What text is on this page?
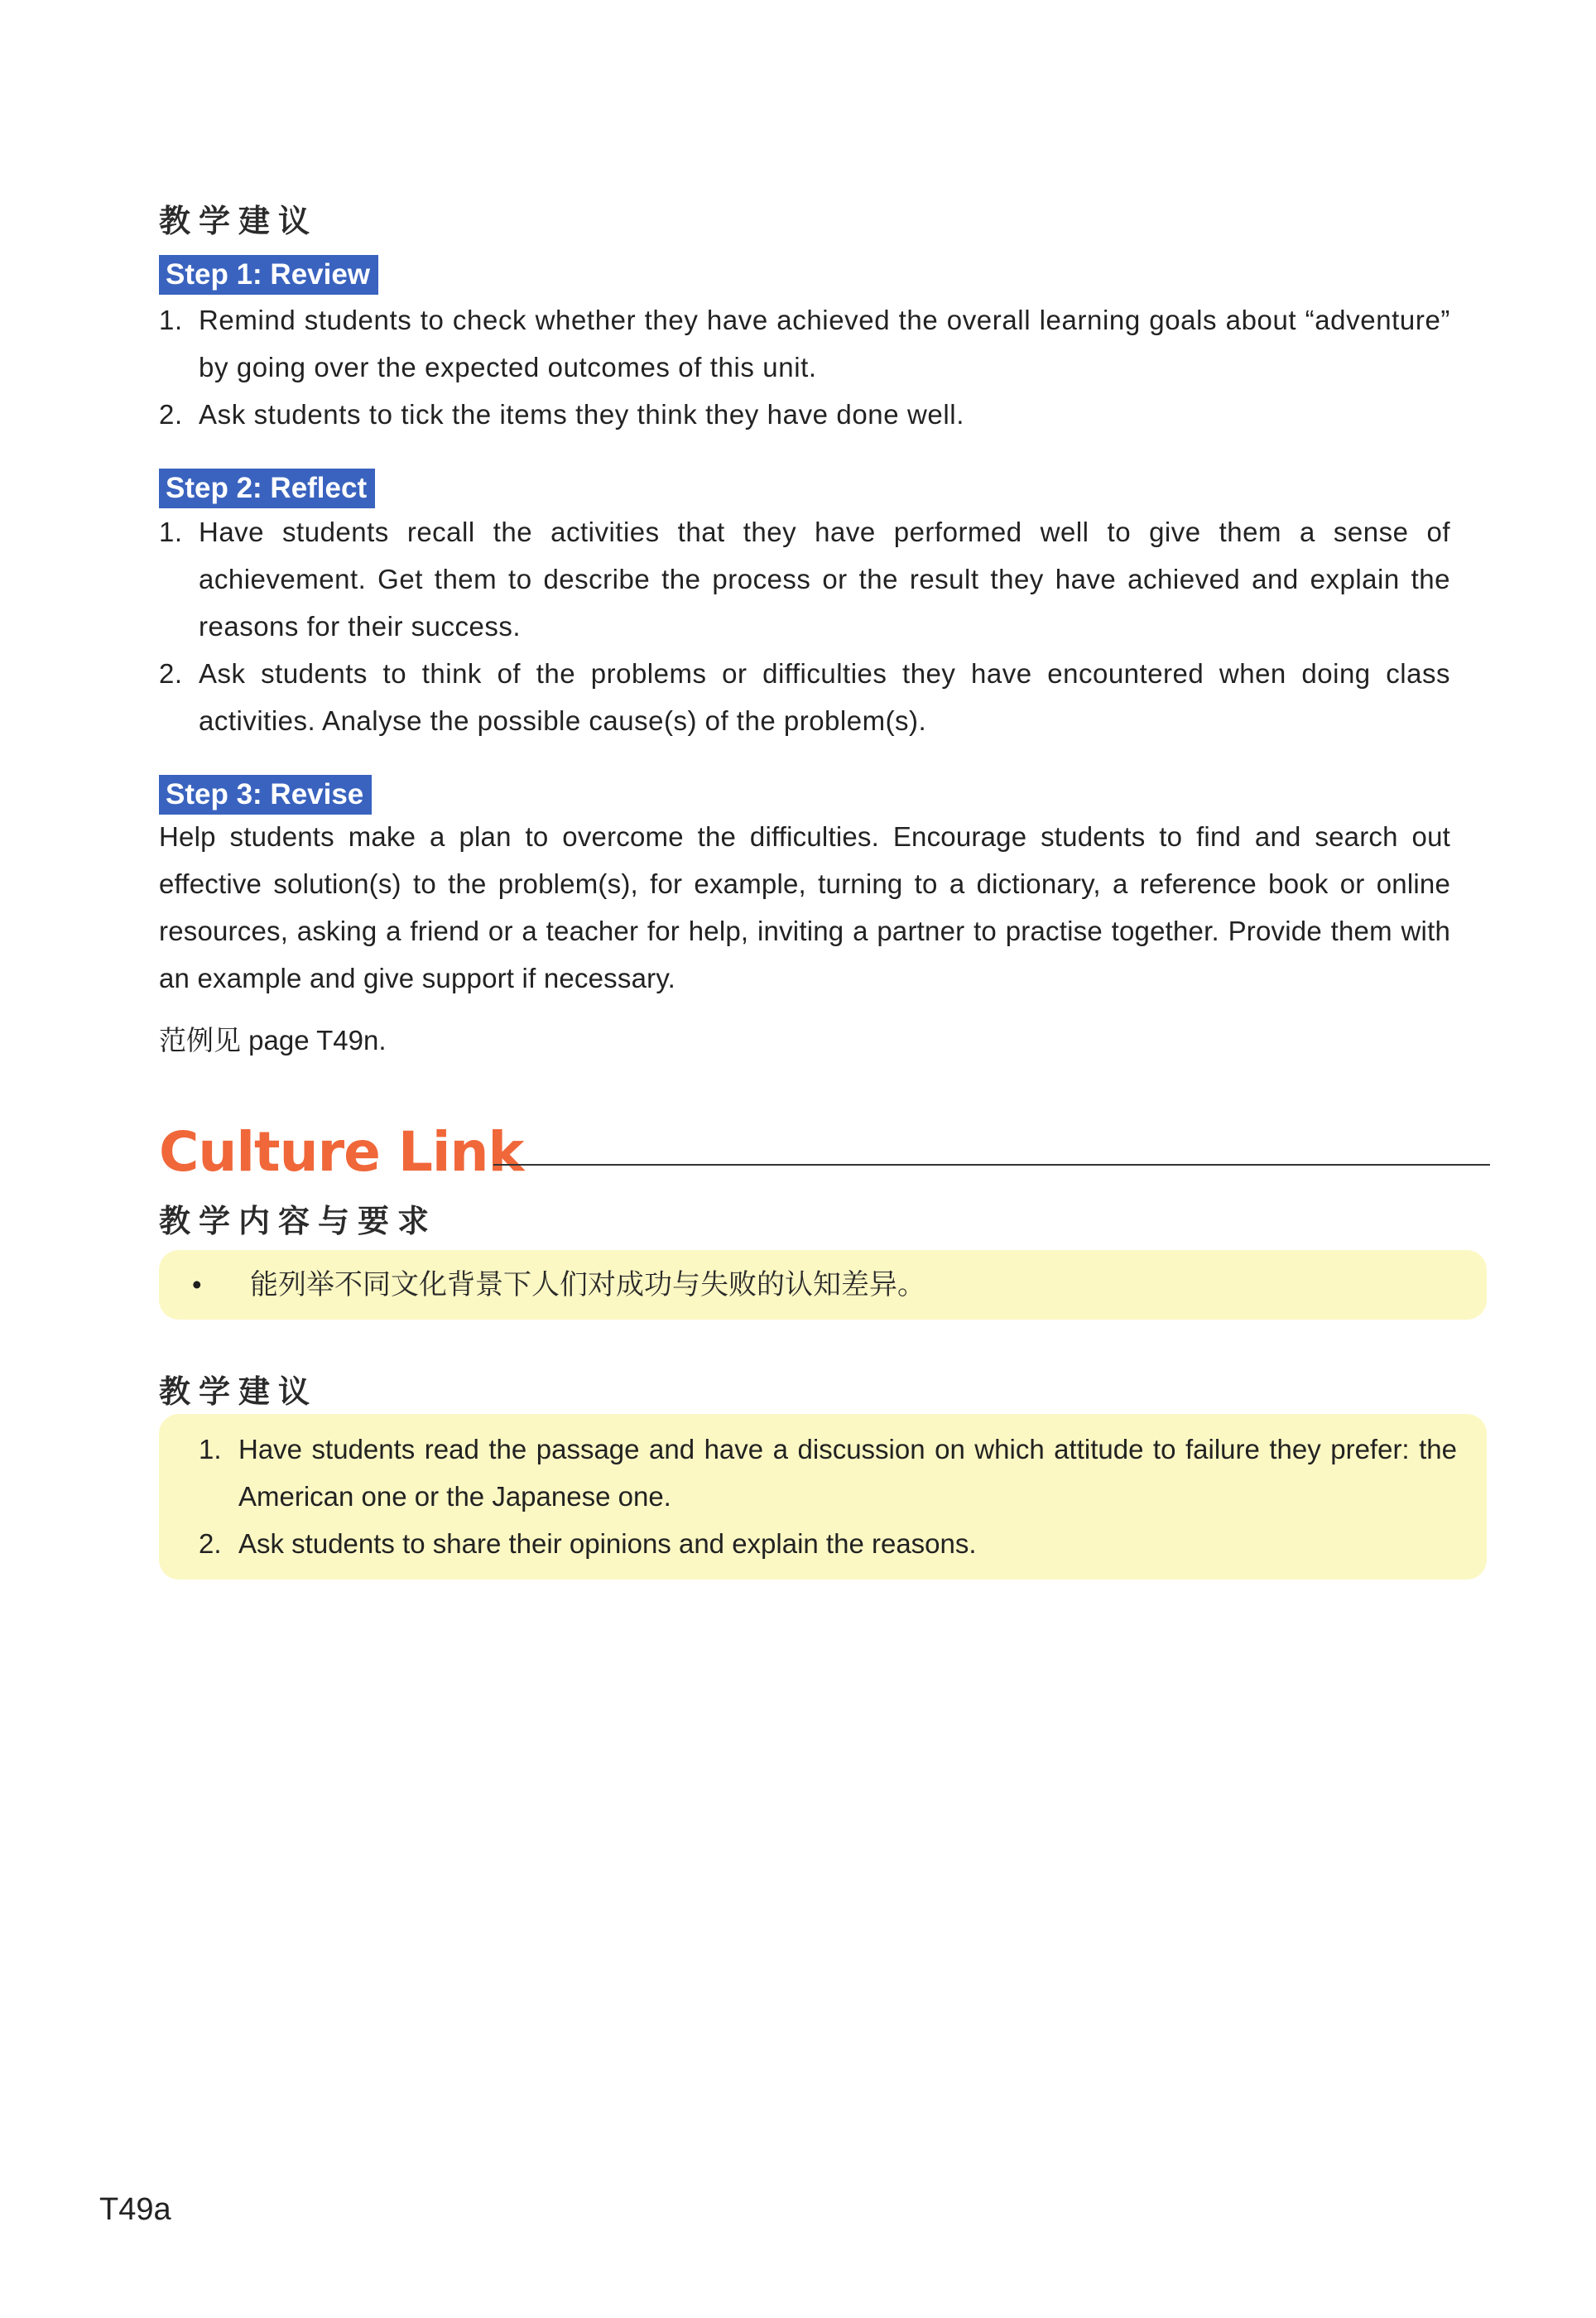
教学建议
Step 1: Review
1. Remind students to check whether they have achieved the overall learning goals about “adventure” by going over the expected outcomes of this unit.
2. Ask students to tick the items they think they have done well.
Step 2: Reflect
1. Have students recall the activities that they have performed well to give them a sense of achievement. Get them to describe the process or the result they have achieved and explain the reasons for their success.
2. Ask students to think of the problems or difficulties they have encountered when doing class activities. Analyse the possible cause(s) of the problem(s).
Step 3: Revise
Help students make a plan to overcome the difficulties. Encourage students to find and search out effective solution(s) to the problem(s), for example, turning to a dictionary, a reference book or online resources, asking a friend or a teacher for help, inviting a partner to practise together. Provide them with an example and give support if necessary.
范例见 page T49n.
Culture Link
教学内容与要求
• 能列举不同文化背景下人们对成功与失败的认知差异。
教学建议
1. Have students read the passage and have a discussion on which attitude to failure they prefer: the American one or the Japanese one.
2. Ask students to share their opinions and explain the reasons.
T49a
